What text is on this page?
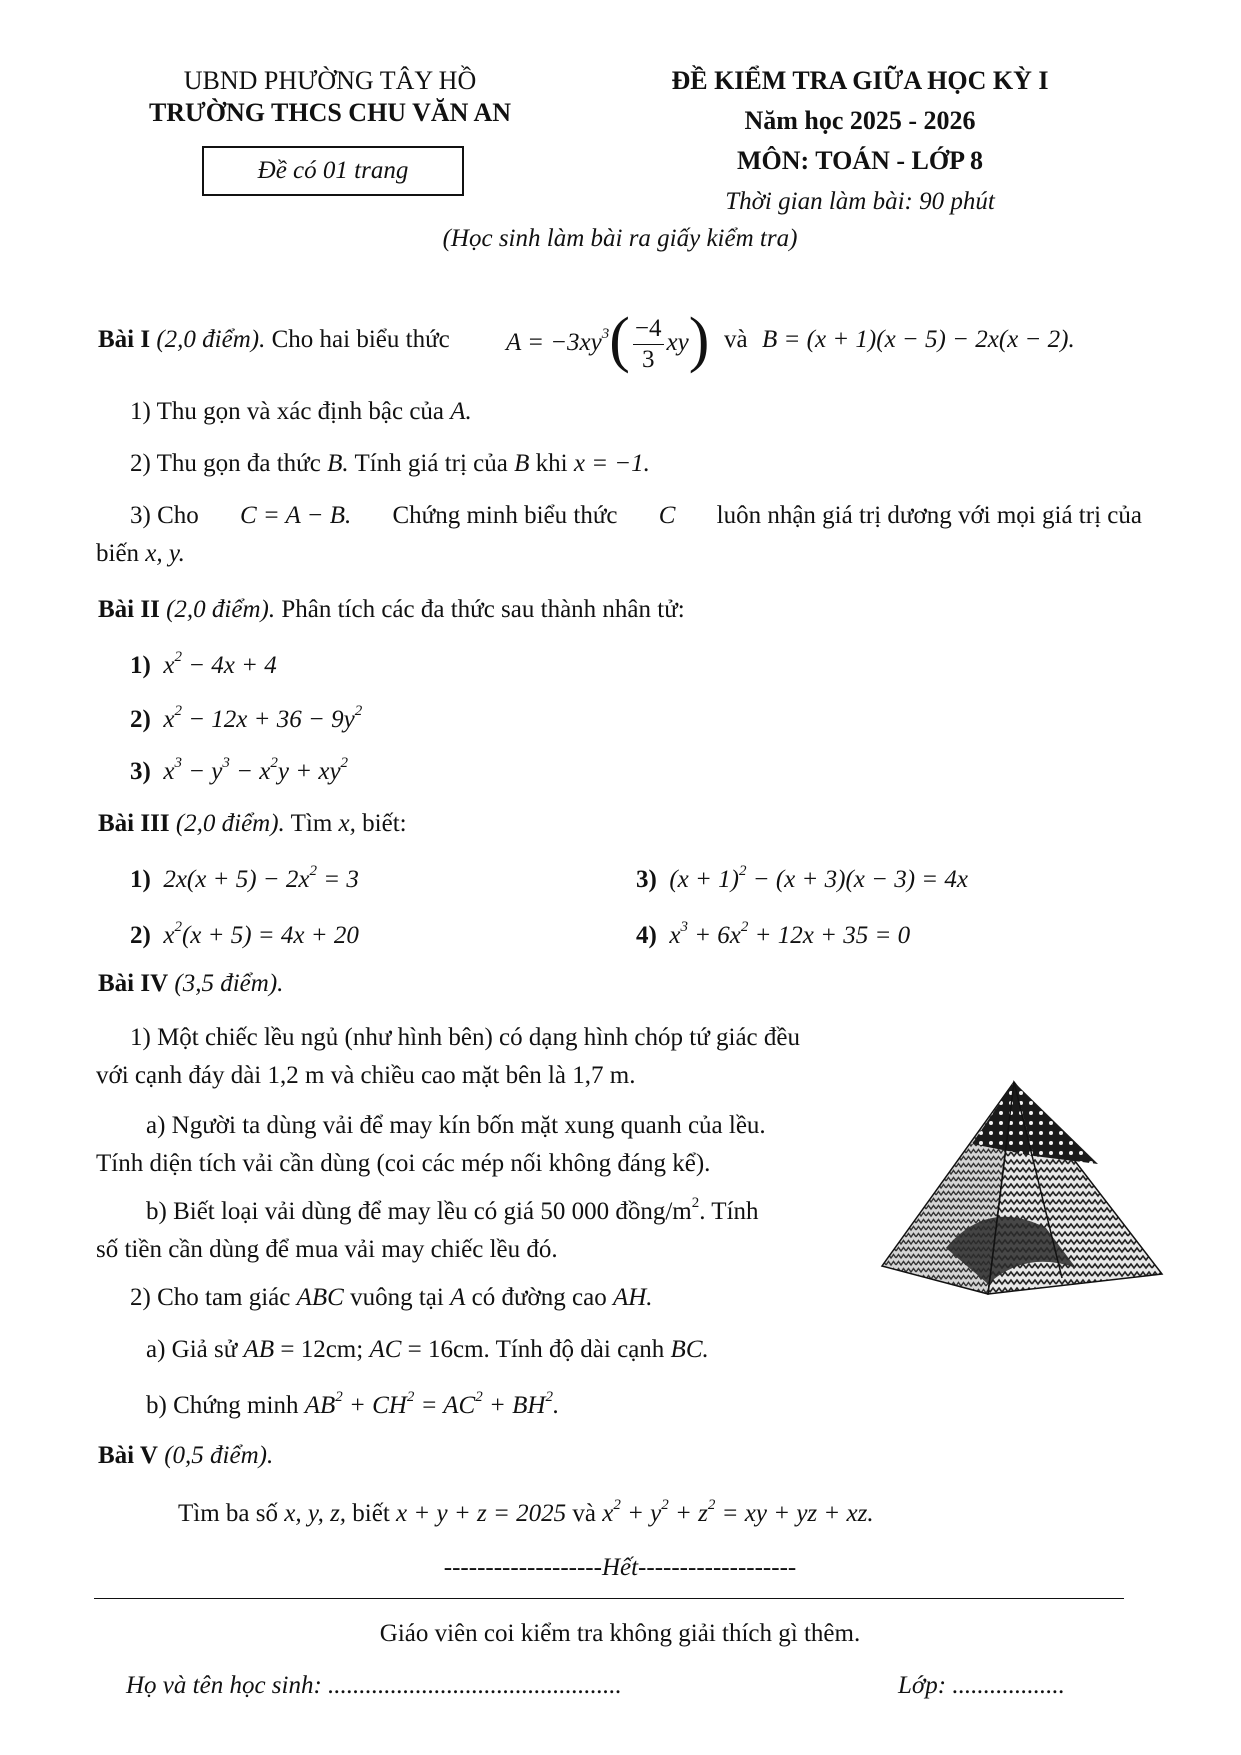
UBND PHƯỜNG TÂY HỒ
TRƯỜNG THCS CHU VĂN AN
Đề có 01 trang
ĐỀ KIỂM TRA GIỮA HỌC KỲ I
Năm học 2025 - 2026
MÔN: TOÁN - LỚP 8
Thời gian làm bài: 90 phút
(Học sinh làm bài ra giấy kiểm tra)
Bài I (2,0 điểm). Cho hai biểu thức $A = -3xy^3( \frac{-4}{3} xy)$ và B = (x + 1)(x − 5) − 2x(x − 2).
1) Thu gọn và xác định bậc của A.
2) Thu gọn đa thức B. Tính giá trị của B khi x = −1.
3) Cho C = A − B. Chứng minh biểu thức C luôn nhận giá trị dương với mọi giá trị của
biến x, y.
Bài II (2,0 điểm). Phân tích các đa thức sau thành nhân tử:
1) $x^2 - 4x + 4$
2) $x^2 - 12x + 36 - 9y^2$
3) $x^3 - y^3 - x^2y + xy^2$
Bài III (2,0 điểm). Tìm x, biết:
1) $2x(x + 5) - 2x^2 = 3$
2) $x^2(x + 5) = 4x + 20$
3) $(x + 1)^2 - (x + 3)(x - 3) = 4x$
4) $x^3 + 6x^2 + 12x + 35 = 0$
Bài IV (3,5 điểm).
1) Một chiếc lều ngủ (như hình bên) có dạng hình chóp tứ giác đều
với cạnh đáy dài 1,2 m và chiều cao mặt bên là 1,7 m.
a) Người ta dùng vải để may kín bốn mặt xung quanh của lều.
Tính diện tích vải cần dùng (coi các mép nối không đáng kể).
b) Biết loại vải dùng để may lều có giá 50 000 đồng/$m^2$. Tính
số tiền cần dùng để mua vải may chiếc lều đó.
2) Cho tam giác ABC vuông tại A có đường cao AH.
a) Giả sử AB = 12cm; AC = 16cm. Tính độ dài cạnh BC.
b) Chứng minh $AB^2 + CH^2 = AC^2 + BH^2$.
Bài V (0,5 điểm).
Tìm ba số x, y, z, biết x + y + z = 2025 và $x^2 + y^2 + z^2$ = xy + yz + xz.
-------------------Hết-------------------
Giáo viên coi kiểm tra không giải thích gì thêm.
Họ và tên học sinh: ...............................................	Lớp: ..................
